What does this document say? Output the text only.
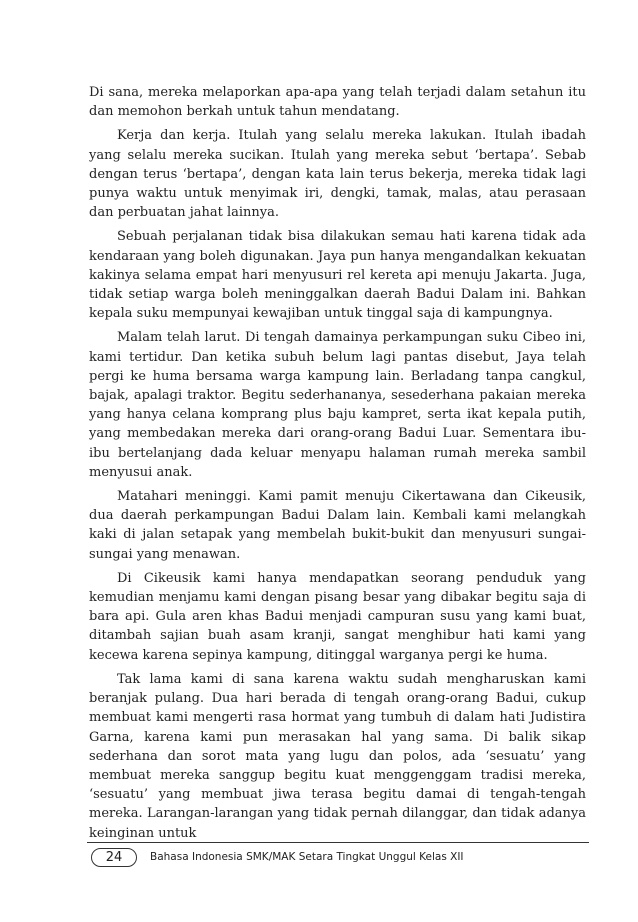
Di sana, mereka melaporkan apa-apa yang telah terjadi dalam setahun itu dan memohon berkah untuk tahun mendatang.

Kerja dan kerja. Itulah yang selalu mereka lakukan. Itulah ibadah yang selalu mereka sucikan. Itulah yang mereka sebut ‘bertapa’. Sebab dengan terus ‘bertapa’, dengan kata lain terus bekerja, mereka tidak lagi punya waktu untuk menyimak iri, dengki, tamak, malas, atau perasaan dan perbuatan jahat lainnya.

Sebuah perjalanan tidak bisa dilakukan semau hati karena tidak ada kendaraan yang boleh digunakan. Jaya pun hanya mengandalkan kekuatan kakinya selama empat hari menyusuri rel kereta api menuju Jakarta. Juga, tidak setiap warga boleh meninggalkan daerah Badui Dalam ini. Bahkan kepala suku mempunyai kewajiban untuk tinggal saja di kampungnya.

Malam telah larut. Di tengah damainya perkampungan suku Cibeo ini, kami tertidur. Dan ketika subuh belum lagi pantas disebut, Jaya telah pergi ke huma bersama warga kampung lain. Berladang tanpa cangkul, bajak, apalagi traktor. Begitu sederhananya, sesederhana pakaian mereka yang hanya celana komprang plus baju kampret, serta ikat kepala putih, yang membedakan mereka dari orang-orang Badui Luar. Sementara ibu-ibu bertelanjang dada keluar menyapu halaman rumah mereka sambil menyusui anak.

Matahari meninggi. Kami pamit menuju Cikertawana dan Cikeusik, dua daerah perkampungan Badui Dalam lain. Kembali kami melangkah kaki di jalan setapak yang membelah bukit-bukit dan menyusuri sungai-sungai yang menawan.

Di Cikeusik kami hanya mendapatkan seorang penduduk yang kemudian menjamu kami dengan pisang besar yang dibakar begitu saja di bara api. Gula aren khas Badui menjadi campuran susu yang kami buat, ditambah sajian buah asam kranji, sangat menghibur hati kami yang kecewa karena sepinya kampung, ditinggal warganya pergi ke huma.

Tak lama kami di sana karena waktu sudah mengharuskan kami beranjak pulang. Dua hari berada di tengah orang-orang Badui, cukup membuat kami mengerti rasa hormat yang tumbuh di dalam hati Judistira Garna, karena kami pun merasakan hal yang sama. Di balik sikap sederhana dan sorot mata yang lugu dan polos, ada ‘sesuatu’ yang membuat mereka sanggup begitu kuat menggenggam tradisi mereka, ‘sesuatu’ yang membuat jiwa terasa begitu damai di tengah-tengah mereka. Larangan-larangan yang tidak pernah dilanggar, dan tidak adanya keinginan untuk

24	Bahasa Indonesia SMK/MAK Setara Tingkat Unggul Kelas XII
